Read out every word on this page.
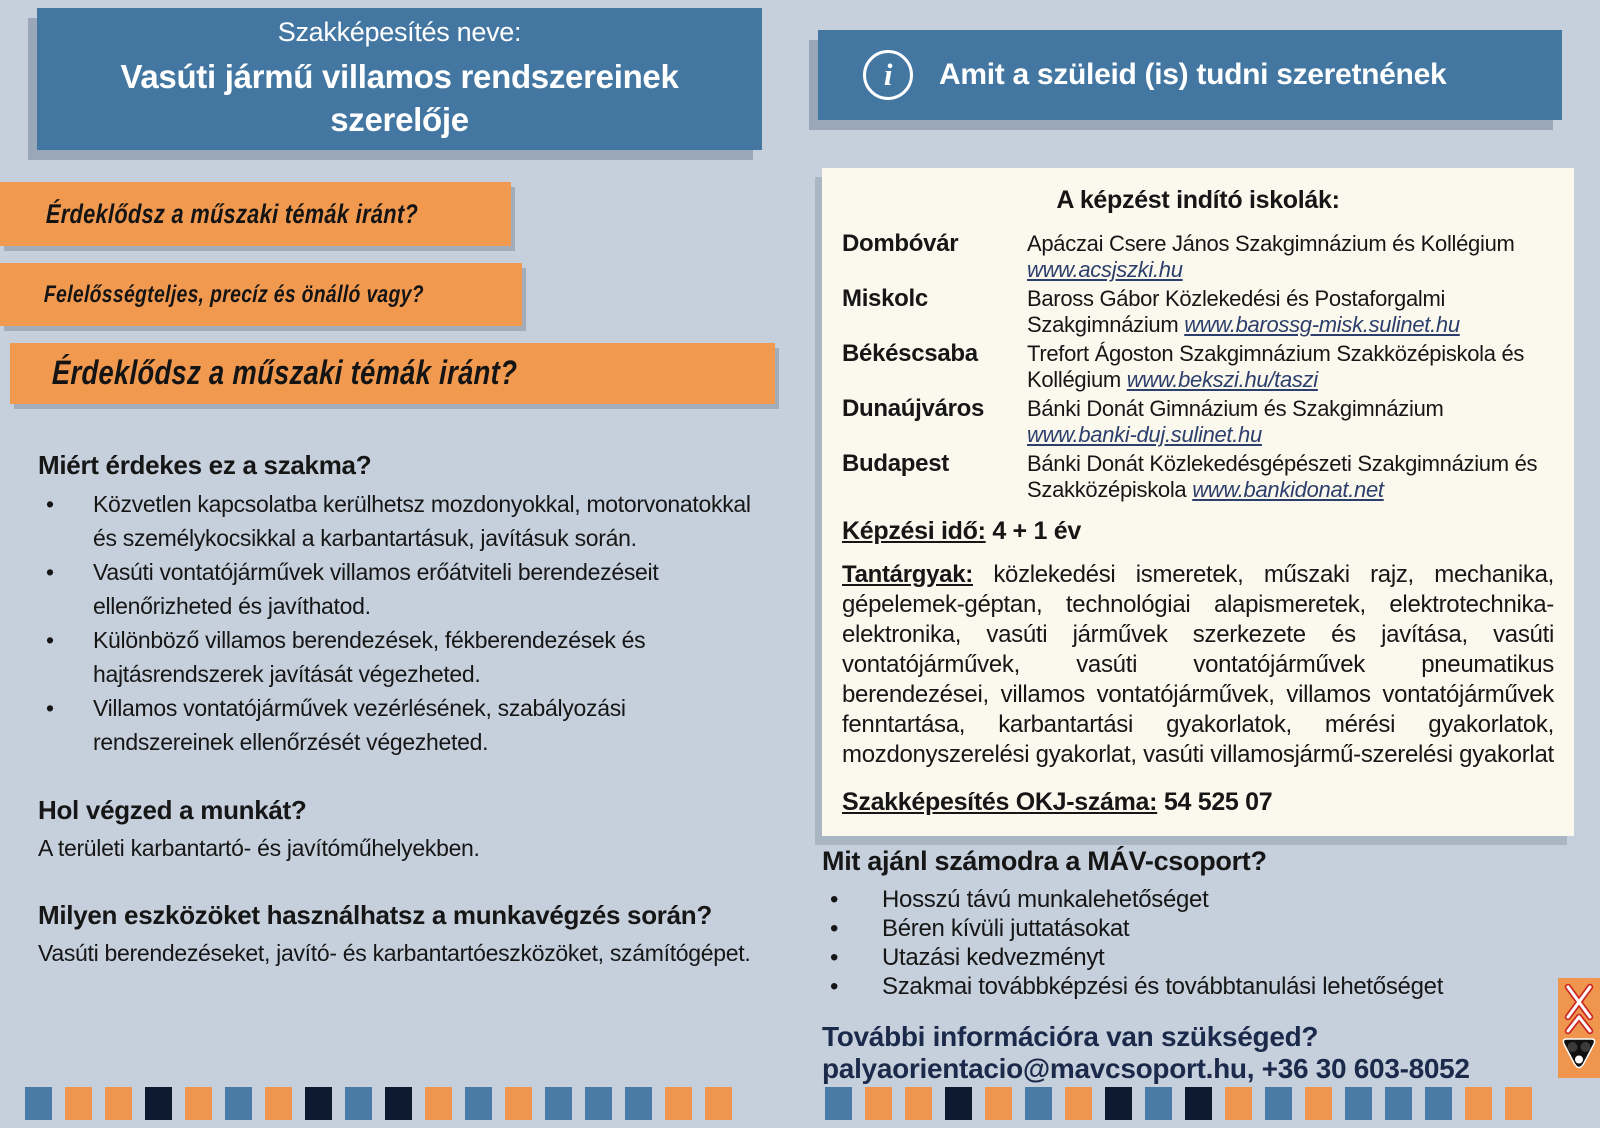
Szakképesítés neve:
Vasúti jármű villamos rendszereinek szerelője
Érdeklődsz a műszaki témák iránt?
Felelősségteljes, precíz és önálló vagy?
Érdeklődsz a műszaki témák iránt?
Miért érdekes ez a szakma?
• Közvetlen kapcsolatba kerülhetsz mozdonyokkal, motorvonatokkal és személykocsikkal a karbantartásuk, javításuk során.
• Vasúti vontatójárművek villamos erőátviteli berendezéseit ellenőrizheted és javíthatod.
• Különböző villamos berendezések, fékberendezések és hajtásrendszerek javítását végezheted.
• Villamos vontatójárművek vezérlésének, szabályozási rendszereinek ellenőrzését végezheted.
Hol végzed a munkát?

A területi karbantartó- és javítóműhelyekben.

Milyen eszközöket használhatsz a munkavégzés során?

Vasúti berendezéseket, javító- és karbantartóeszközöket, számítógépet.

i	Amit a szüleid (is) tudni szeretnének
A képzést indító iskolák:
Dombóvár	Apáczai Csere János Szakgimnázium és Kollégium www.acsjszki.hu
Miskolc	Baross Gábor Közlekedési és Postaforgalmi Szakgimnázium www.barossg-misk.sulinet.hu
Békéscsaba	Trefort Ágoston Szakgimnázium Szakközépiskola és Kollégium www.bekszi.hu/taszi
Dunaújváros	Bánki Donát Gimnázium és Szakgimnázium www.banki-duj.sulinet.hu
Budapest	Bánki Donát Közlekedésgépészeti Szakgimnázium és Szakközépiskola www.bankidonat.net
Képzési idő: 4 + 1 év
Tantárgyak: közlekedési ismeretek, műszaki rajz, mechanika, gépelemek-géptan, technológiai alapismeretek, elektrotechnika-elektronika, vasúti járművek szerkezete és javítása, vasúti vontatójárművek, vasúti vontatójárművek pneumatikus berendezései, villamos vontatójárművek, villamos vontatójárművek fenntartása, karbantartási gyakorlatok, mérési gyakorlatok, mozdonyszerelési gyakorlat, vasúti villamosjármű-szerelési gyakorlat
Szakképesítés OKJ-száma: 54 525 07
Mit ajánl számodra a MÁV-csoport?
• Hosszú távú munkalehetőséget
• Béren kívüli juttatásokat
• Utazási kedvezményt
• Szakmai továbbképzési és továbbtanulási lehetőséget
További információra van szükséged?
palyaorientacio@mavcsoport.hu, +36 30 603-8052
